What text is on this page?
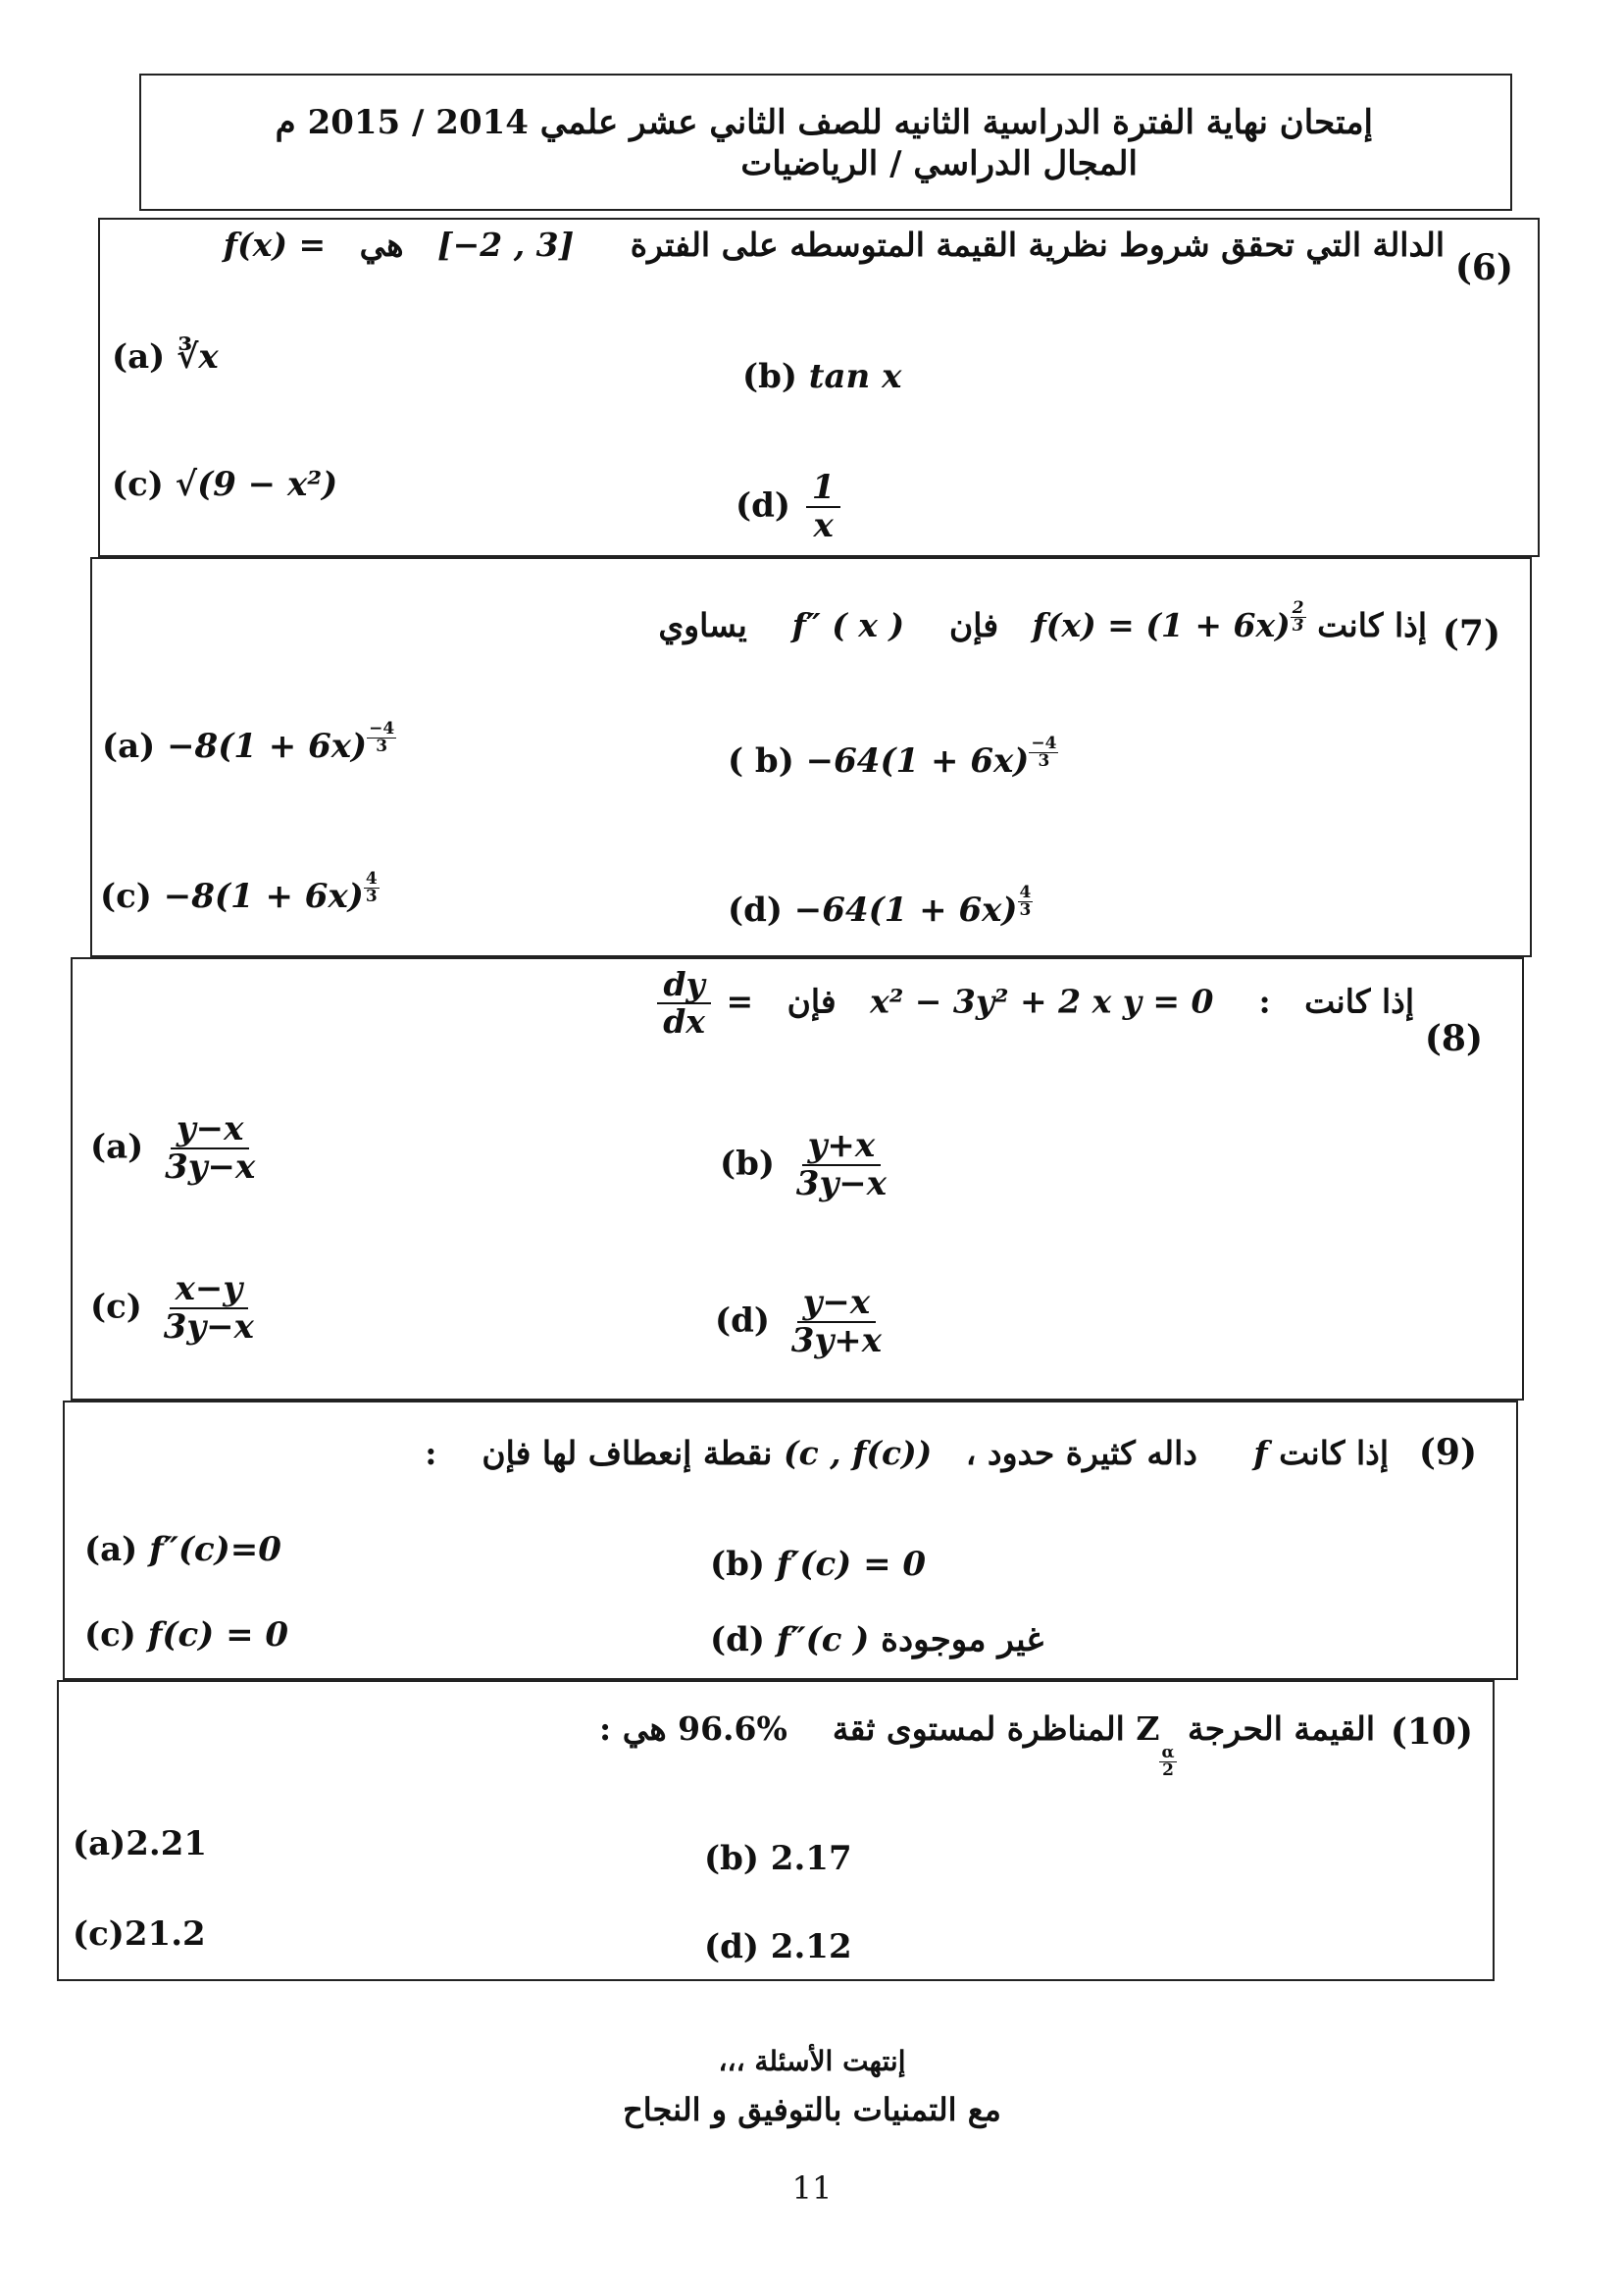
إمتحان نهاية الفترة الدراسية الثانيه للصف الثاني عشر علمي 2014 / 2015 م
المجال الدراسي / الرياضيات
(6)
الدالة التي تحقق شروط نظرية القيمة المتوسطه على الفترة     [−2 , 3]   هي   f(x) =
(a) ∛x	(b) tan x
(c) √(9 − x²)
$(d) \frac{1}{x}$
(7)
إذا كانت $f(x) = (1 + 6x) \frac{2}{3}$
فإن    f″ ( x )    يساوي
$(a) -8(1 + 6x) \frac{-4}{3}$
( $b) -64(1 + 6x) \frac{-4}{3}$
$(c) -8(1 + 6x) \frac{4}{3}$
$(d) -64(1 + 6x) \frac{4}{3}$
(8)
إذا كانت   :    x² − 3y² + 2 x y = 0   فإن   =
$\frac{dy}{dx}$
$(a) \frac{y-x}{3y-x}$	$(b) \frac{y+x}{3y-x}$
$(c) \frac{x-y}{3y-x}$	$(d) \frac{y-x}{3y+x}$
(9)
إذا كانت f     داله كثيرة حدود ،   (c , f(c)) نقطة إنعطاف لها فإن    :
(a) f″(c)=0	(b) f′(c) = 0
(c) f(c) = 0	(d) f″(c ) غير موجودة
(10)
القيمة الحرجة Z
$\frac{\alpha}{2}$
المناظرة لمستوى ثقة    96.6% هي :
(a)2.21	(b) 2.17
(c)21.2	(d) 2.12
إنتهت الأسئلة ،،،
مع التمنيات بالتوفيق و النجاح
11
